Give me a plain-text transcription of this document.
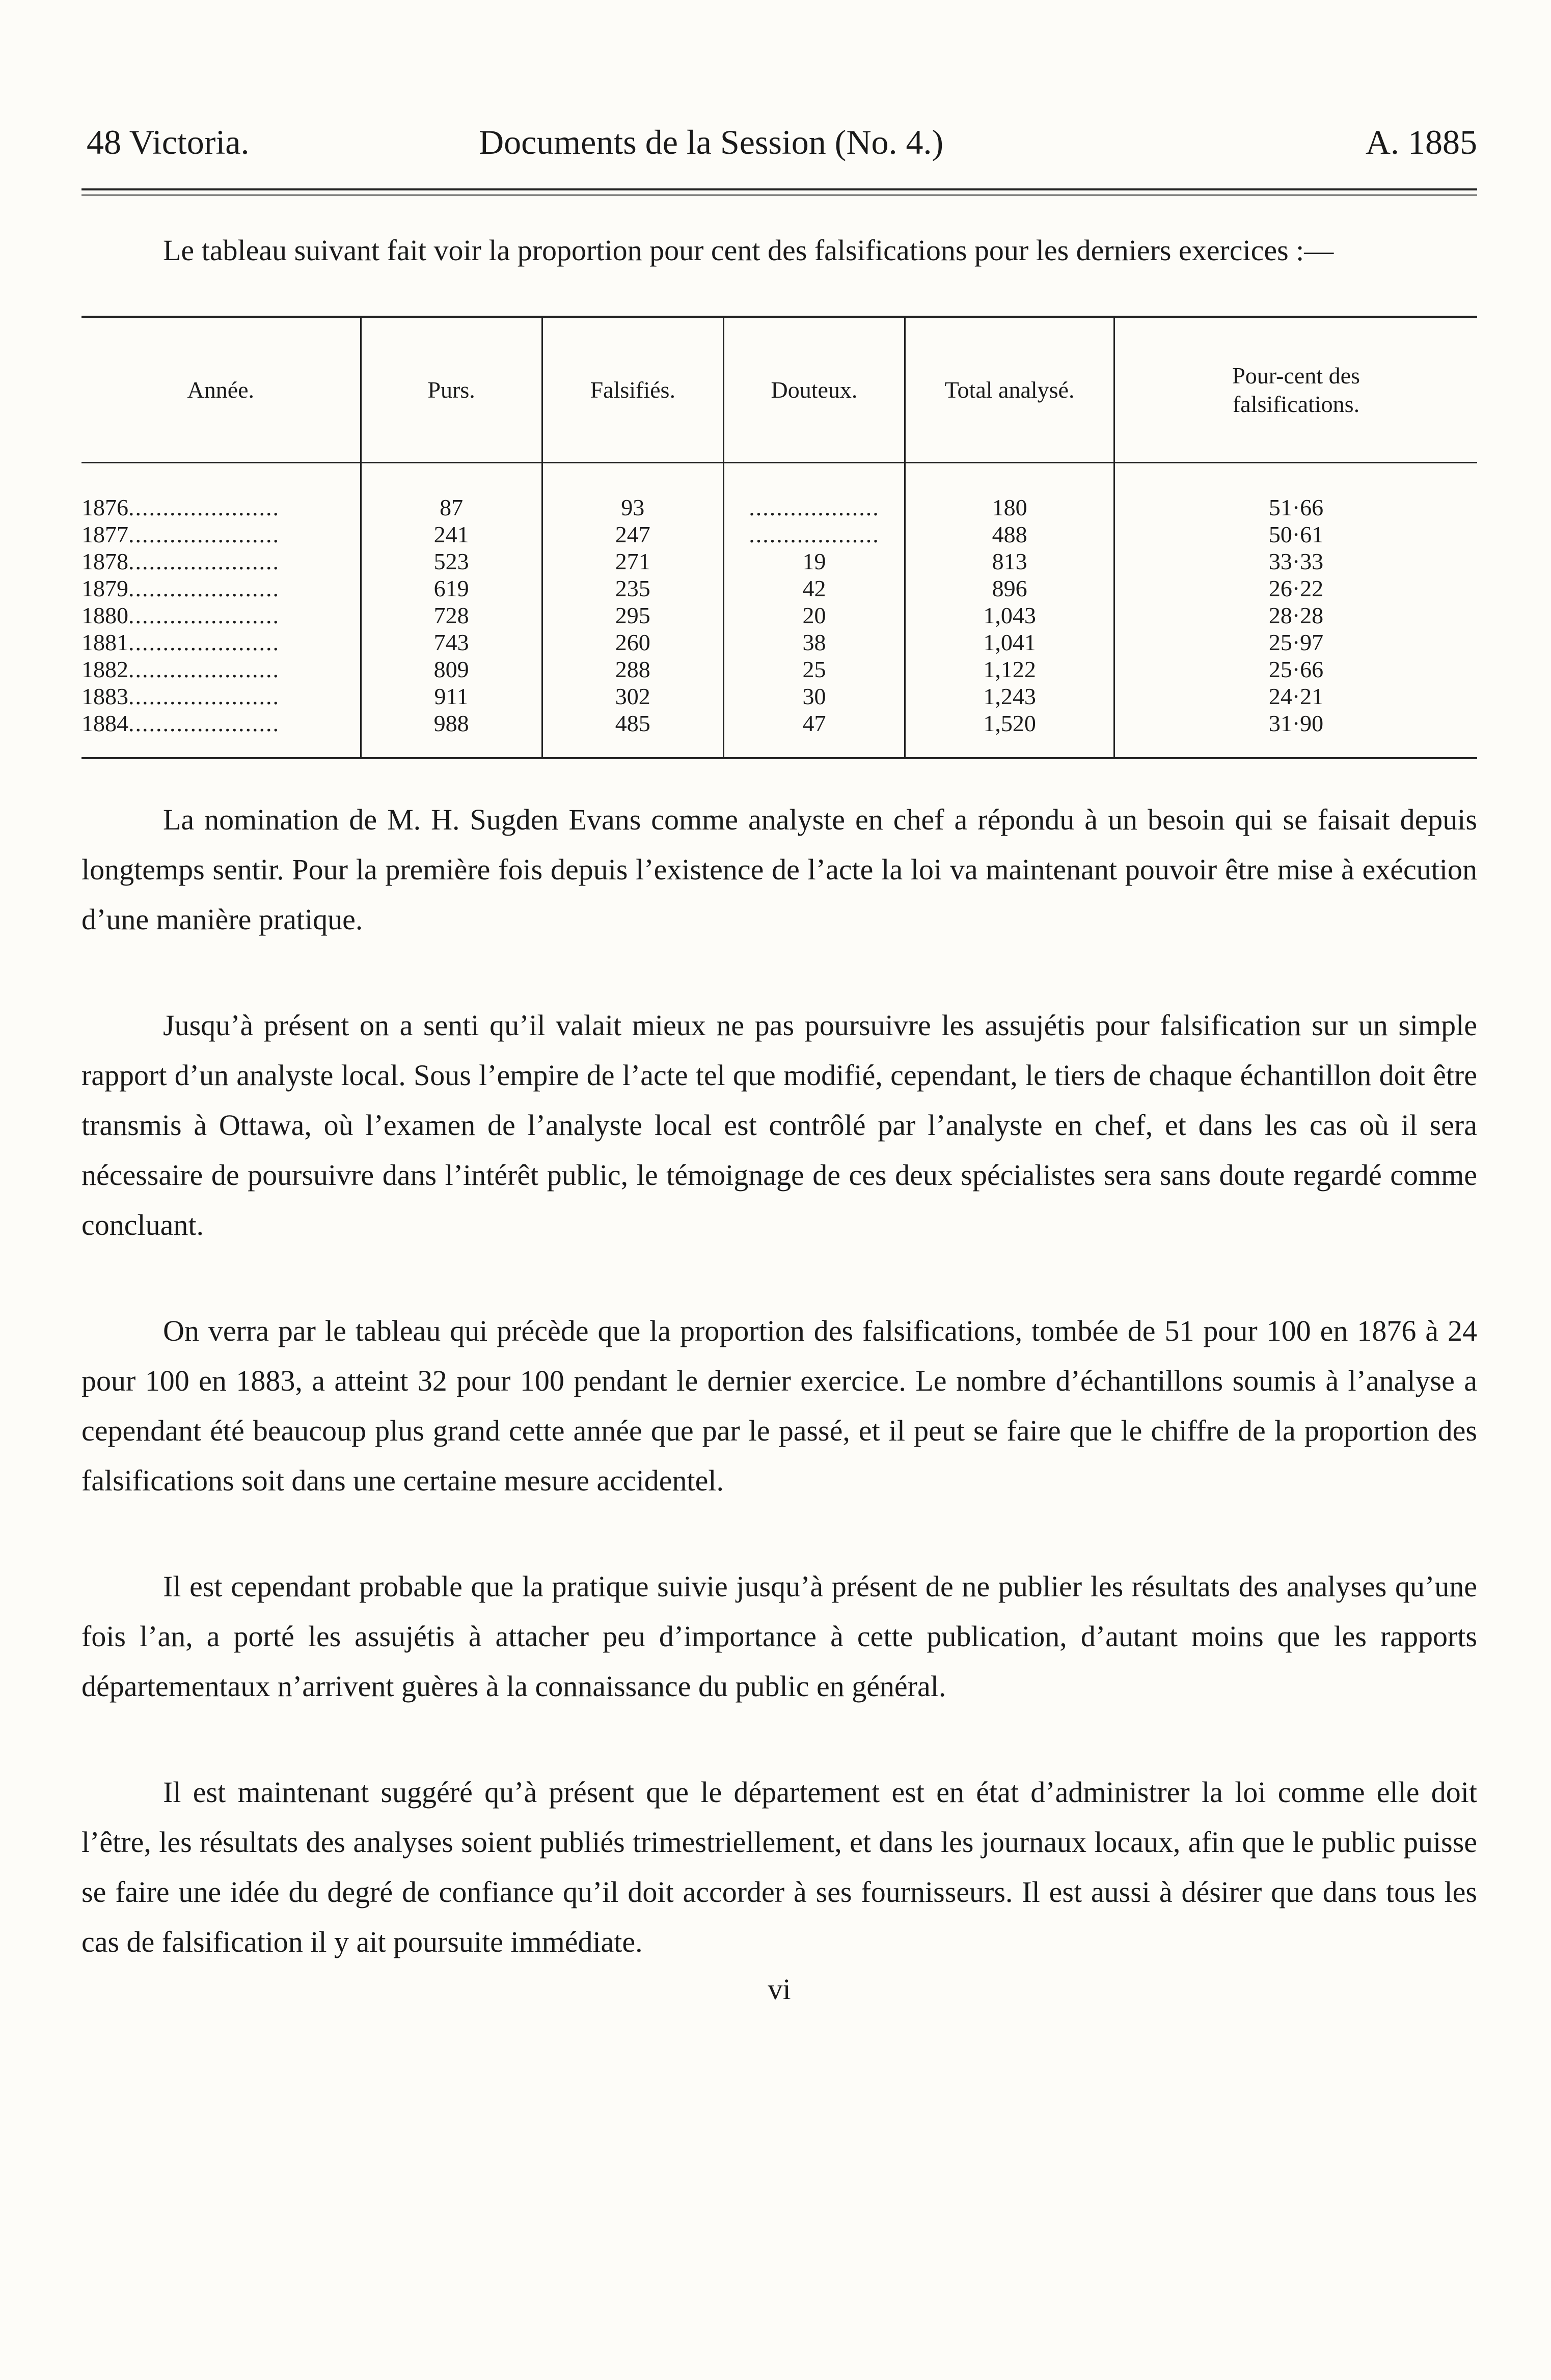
48 Victoria.	Documents de la Session (No. 4.)	A. 1885

Le tableau suivant fait voir la proportion pour cent des falsifications pour les derniers exercices :—

Année.	Purs.	Falsifiés.	Douteux.	Total analysé.	Pour-cent des falsifications.
1876......................	87	93	...................	180	51·66
1877......................	241	247	...................	488	50·61
1878......................	523	271	19	813	33·33
1879......................	619	235	42	896	26·22
1880......................	728	295	20	1,043	28·28
1881......................	743	260	38	1,041	25·97
1882......................	809	288	25	1,122	25·66
1883......................	911	302	30	1,243	24·21
1884......................	988	485	47	1,520	31·90

La nomination de M. H. Sugden Evans comme analyste en chef a répondu à un besoin qui se faisait depuis longtemps sentir. Pour la première fois depuis l’existence de l’acte la loi va maintenant pouvoir être mise à exécution d’une manière pratique.

Jusqu’à présent on a senti qu’il valait mieux ne pas poursuivre les assujétis pour falsification sur un simple rapport d’un analyste local. Sous l’empire de l’acte tel que modifié, cependant, le tiers de chaque échantillon doit être transmis à Ottawa, où l’examen de l’analyste local est contrôlé par l’analyste en chef, et dans les cas où il sera nécessaire de poursuivre dans l’intérêt public, le témoignage de ces deux spécialistes sera sans doute regardé comme concluant.

On verra par le tableau qui précède que la proportion des falsifications, tombée de 51 pour 100 en 1876 à 24 pour 100 en 1883, a atteint 32 pour 100 pendant le dernier exercice. Le nombre d’échantillons soumis à l’analyse a cependant été beaucoup plus grand cette année que par le passé, et il peut se faire que le chiffre de la proportion des falsifications soit dans une certaine mesure accidentel.

Il est cependant probable que la pratique suivie jusqu’à présent de ne publier les résultats des analyses qu’une fois l’an, a porté les assujétis à attacher peu d’importance à cette publication, d’autant moins que les rapports départementaux n’arrivent guères à la connaissance du public en général.

Il est maintenant suggéré qu’à présent que le département est en état d’administrer la loi comme elle doit l’être, les résultats des analyses soient publiés trimestriellement, et dans les journaux locaux, afin que le public puisse se faire une idée du degré de confiance qu’il doit accorder à ses fournisseurs. Il est aussi à désirer que dans tous les cas de falsification il y ait poursuite immédiate.

vi
